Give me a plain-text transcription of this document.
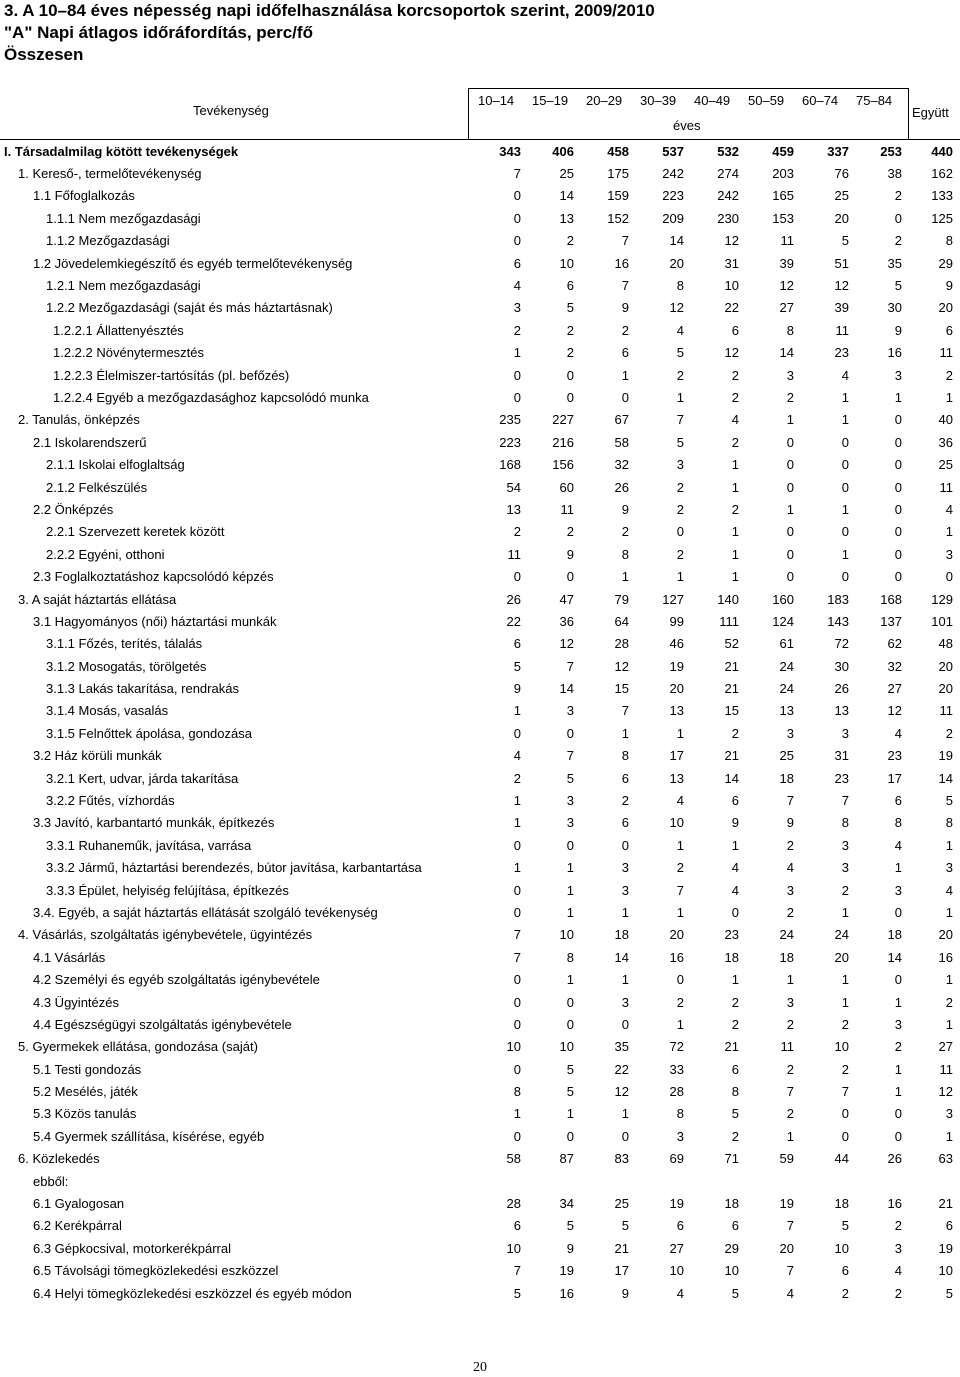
3. A 10–84 éves népesség napi időfelhasználása korcsoportok szerint, 2009/2010
"A" Napi átlagos időráfordítás, perc/fő
Összesen
Tevékenység
10–14 15–19 20–29 30–39 40–49 50–59 60–74 75–84
éves
Együtt
I. Társadalmilag kötött tevékenységek	343	406	458	537	532	459	337	253	440
1. Kereső-, termelőtevékenység	7	25	175	242	274	203	76	38	162
1.1 Főfoglalkozás	0	14	159	223	242	165	25	2	133
1.1.1 Nem mezőgazdasági	0	13	152	209	230	153	20	0	125
1.1.2 Mezőgazdasági	0	2	7	14	12	11	5	2	8
1.2 Jövedelemkiegészítő és egyéb termelőtevékenység	6	10	16	20	31	39	51	35	29
1.2.1 Nem mezőgazdasági	4	6	7	8	10	12	12	5	9
1.2.2 Mezőgazdasági (saját és más háztartásnak)	3	5	9	12	22	27	39	30	20
1.2.2.1 Állattenyésztés	2	2	2	4	6	8	11	9	6
1.2.2.2 Növénytermesztés	1	2	6	5	12	14	23	16	11
1.2.2.3 Élelmiszer-tartósítás (pl. befőzés)	0	0	1	2	2	3	4	3	2
1.2.2.4 Egyéb a mezőgazdasághoz kapcsolódó munka	0	0	0	1	2	2	1	1	1
2. Tanulás, önképzés	235	227	67	7	4	1	1	0	40
2.1 Iskolarendszerű	223	216	58	5	2	0	0	0	36
2.1.1 Iskolai elfoglaltság	168	156	32	3	1	0	0	0	25
2.1.2 Felkészülés	54	60	26	2	1	0	0	0	11
2.2 Önképzés	13	11	9	2	2	1	1	0	4
2.2.1 Szervezett keretek között	2	2	2	0	1	0	0	0	1
2.2.2 Egyéni, otthoni	11	9	8	2	1	0	1	0	3
2.3 Foglalkoztatáshoz kapcsolódó képzés	0	0	1	1	1	0	0	0	0
3. A saját háztartás ellátása	26	47	79	127	140	160	183	168	129
3.1 Hagyományos (női) háztartási munkák	22	36	64	99	111	124	143	137	101
3.1.1 Főzés, terítés, tálalás	6	12	28	46	52	61	72	62	48
3.1.2 Mosogatás, törölgetés	5	7	12	19	21	24	30	32	20
3.1.3 Lakás takarítása, rendrakás	9	14	15	20	21	24	26	27	20
3.1.4 Mosás, vasalás	1	3	7	13	15	13	13	12	11
3.1.5 Felnőttek ápolása, gondozása	0	0	1	1	2	3	3	4	2
3.2 Ház körüli munkák	4	7	8	17	21	25	31	23	19
3.2.1 Kert, udvar, járda takarítása	2	5	6	13	14	18	23	17	14
3.2.2 Fűtés, vízhordás	1	3	2	4	6	7	7	6	5
3.3 Javító, karbantartó munkák, építkezés	1	3	6	10	9	9	8	8	8
3.3.1 Ruhaneműk, javítása, varrása	0	0	0	1	1	2	3	4	1
3.3.2 Jármű, háztartási berendezés, bútor javítása, karbantartása	1	1	3	2	4	4	3	1	3
3.3.3 Épület, helyiség felújítása, építkezés	0	1	3	7	4	3	2	3	4
3.4. Egyéb, a saját háztartás ellátását szolgáló tevékenység	0	1	1	1	0	2	1	0	1
4. Vásárlás, szolgáltatás igénybevétele, ügyintézés	7	10	18	20	23	24	24	18	20
4.1 Vásárlás	7	8	14	16	18	18	20	14	16
4.2 Személyi és egyéb szolgáltatás igénybevétele	0	1	1	0	1	1	1	0	1
4.3 Ügyintézés	0	0	3	2	2	3	1	1	2
4.4 Egészségügyi szolgáltatás igénybevétele	0	0	0	1	2	2	2	3	1
5. Gyermekek ellátása, gondozása (saját)	10	10	35	72	21	11	10	2	27
5.1 Testi gondozás	0	5	22	33	6	2	2	1	11
5.2 Mesélés, játék	8	5	12	28	8	7	7	1	12
5.3 Közös tanulás	1	1	1	8	5	2	0	0	3
5.4 Gyermek szállítása, kísérése, egyéb	0	0	0	3	2	1	0	0	1
6. Közlekedés	58	87	83	69	71	59	44	26	63
ebből:									
6.1 Gyalogosan	28	34	25	19	18	19	18	16	21
6.2 Kerékpárral	6	5	5	6	6	7	5	2	6
6.3 Gépkocsival, motorkerékpárral	10	9	21	27	29	20	10	3	19
6.5 Távolsági tömegközlekedési eszközzel	7	19	17	10	10	7	6	4	10
6.4 Helyi tömegközlekedési eszközzel és egyéb módon	5	16	9	4	5	4	2	2	5
20
